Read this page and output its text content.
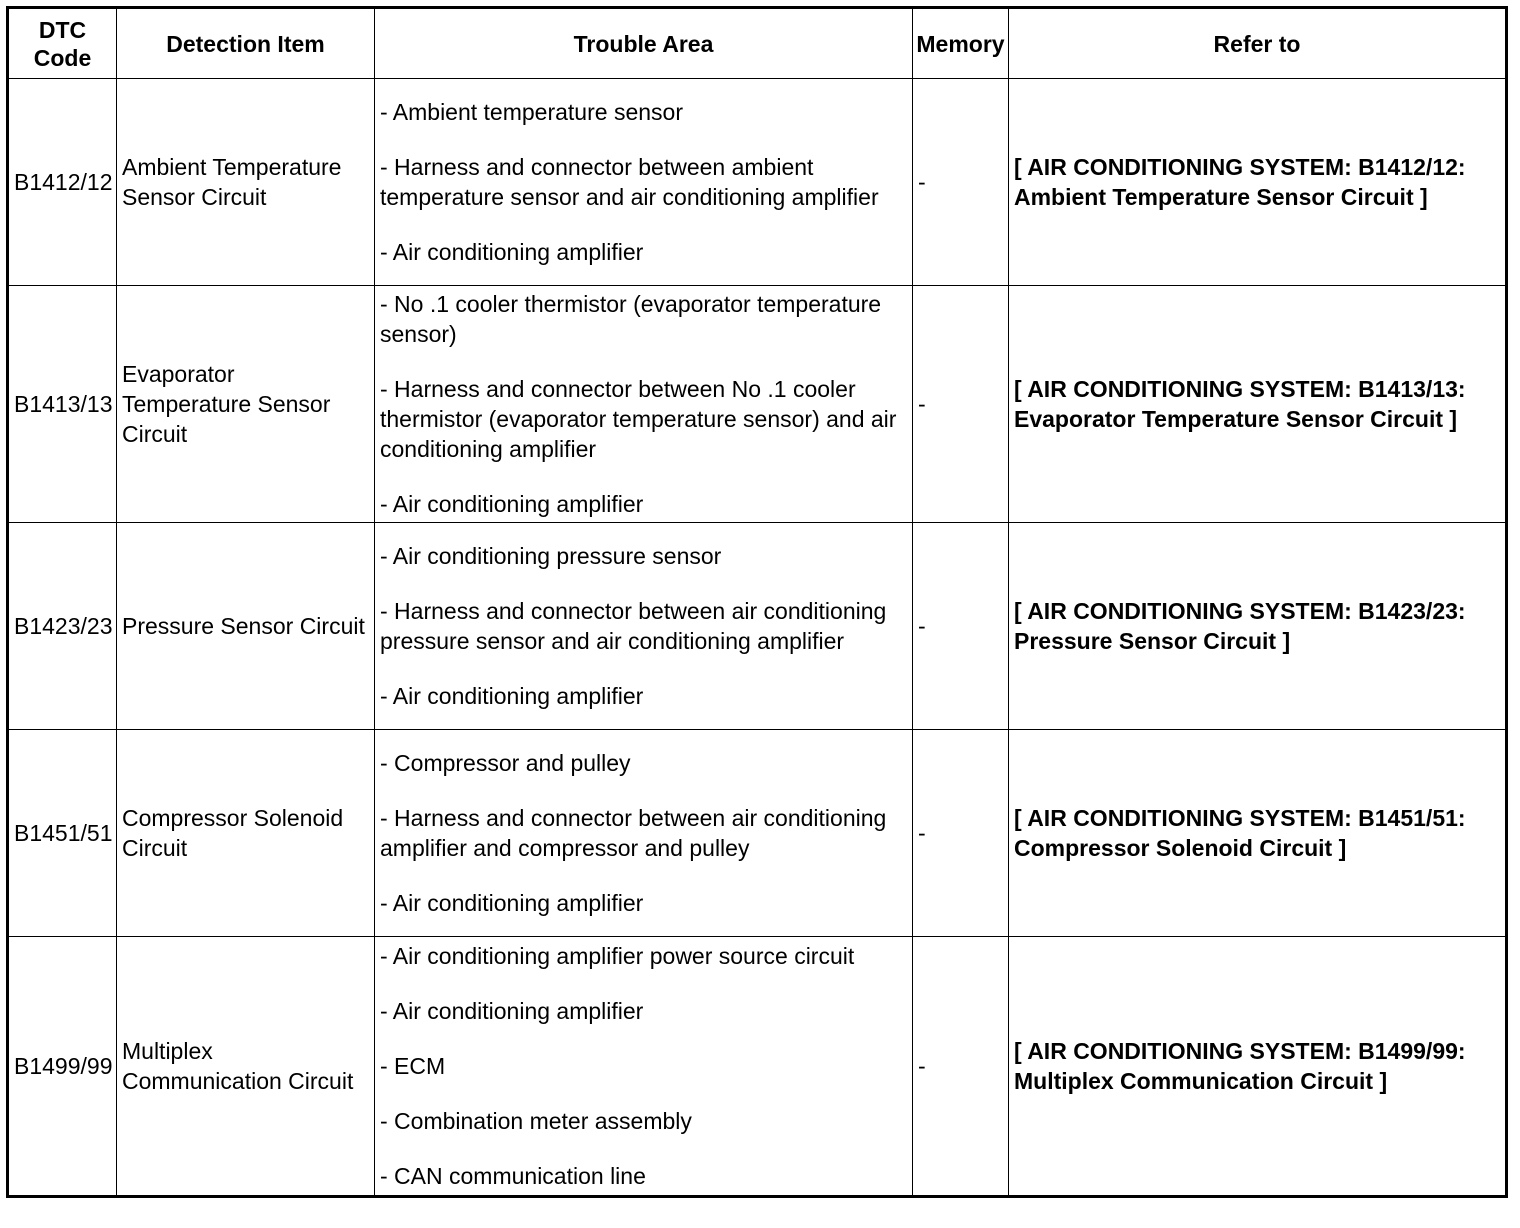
DTC Code	Detection Item	Trouble Area	Memory	Refer to
B1412/12	Ambient Temperature Sensor Circuit	- Ambient temperature sensor
- Harness and connector between ambient temperature sensor and air conditioning amplifier
- Air conditioning amplifier	-	[ AIR CONDITIONING SYSTEM: B1412/12: Ambient Temperature Sensor Circuit ]
B1413/13	Evaporator Temperature Sensor Circuit	- No .1 cooler thermistor (evaporator temperature sensor)
- Harness and connector between No .1 cooler thermistor (evaporator temperature sensor) and air conditioning amplifier
- Air conditioning amplifier	-	[ AIR CONDITIONING SYSTEM: B1413/13: Evaporator Temperature Sensor Circuit ]
B1423/23	Pressure Sensor Circuit	- Air conditioning pressure sensor
- Harness and connector between air conditioning pressure sensor and air conditioning amplifier
- Air conditioning amplifier	-	[ AIR CONDITIONING SYSTEM: B1423/23: Pressure Sensor Circuit ]
B1451/51	Compressor Solenoid Circuit	- Compressor and pulley
- Harness and connector between air conditioning amplifier and compressor and pulley
- Air conditioning amplifier	-	[ AIR CONDITIONING SYSTEM: B1451/51: Compressor Solenoid Circuit ]
B1499/99	Multiplex Communication Circuit	- Air conditioning amplifier power source circuit
- Air conditioning amplifier
- ECM
- Combination meter assembly
- CAN communication line	-	[ AIR CONDITIONING SYSTEM: B1499/99: Multiplex Communication Circuit ]
